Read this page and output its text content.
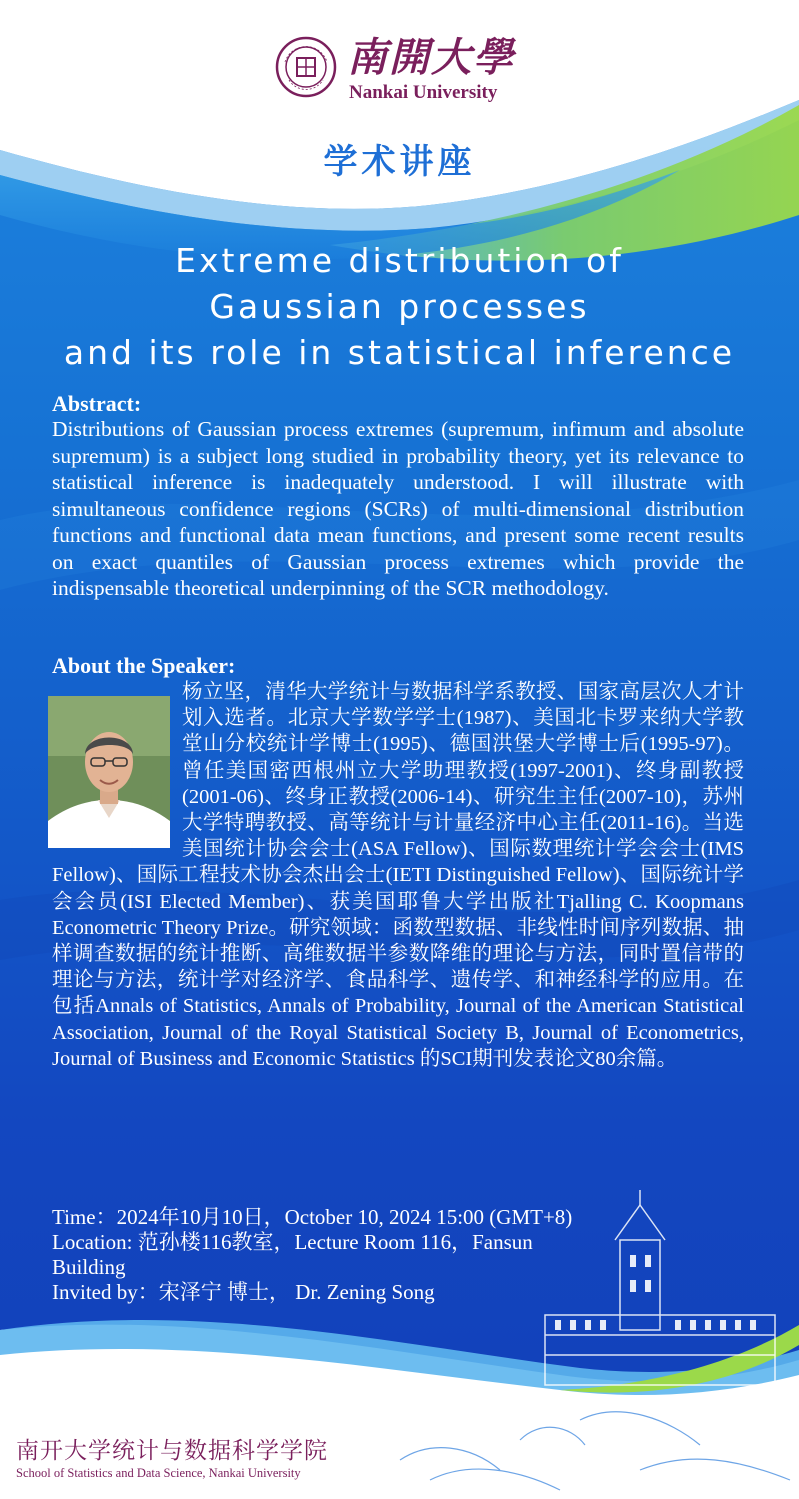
南開大學
Nankai University
学术讲座
Extreme distribution of
Gaussian processes
and its role in statistical inference
Abstract:
Distributions of Gaussian process extremes (supremum, infimum and absolute supremum) is a subject long studied in probability theory, yet its relevance to statistical inference is inadequately understood. I will illustrate with simultaneous confidence regions (SCRs) of multi-dimensional distribution functions and functional data mean functions, and present some recent results on exact quantiles of Gaussian process extremes which provide the indispensable theoretical underpinning of the SCR methodology.
About the Speaker:
杨立坚，清华大学统计与数据科学系教授、国家高层次人才计划入选者。北京大学数学学士(1987)、美国北卡罗来纳大学教堂山分校统计学博士(1995)、德国洪堡大学博士后(1995-97)。曾任美国密西根州立大学助理教授(1997-2001)、终身副教授(2001-06)、终身正教授(2006-14)、研究生主任(2007-10)，苏州大学特聘教授、高等统计与计量经济中心主任(2011-16)。当选美国统计协会会士(ASA Fellow)、国际数理统计学会会士(IMS Fellow)、国际工程技术协会杰出会士(IETI Distinguished Fellow)、国际统计学会会员(ISI Elected Member)、获美国耶鲁大学出版社Tjalling C. Koopmans Econometric Theory Prize。研究领域：函数型数据、非线性时间序列数据、抽样调查数据的统计推断、高维数据半参数降维的理论与方法，同时置信带的理论与方法，统计学对经济学、食品科学、遗传学、和神经科学的应用。在包括Annals of Statistics, Annals of Probability, Journal of the American Statistical Association, Journal of the Royal Statistical Society B, Journal of Econometrics, Journal of Business and Economic Statistics 的SCI期刊发表论文80余篇。
Time：2024年10月10日，October 10, 2024 15:00 (GMT+8)
Location: 范孙楼116教室，Lecture Room 116，Fansun
Building
Invited by：宋泽宁 博士， Dr. Zening Song
南开大学统计与数据科学学院
School of Statistics and Data Science, Nankai University
